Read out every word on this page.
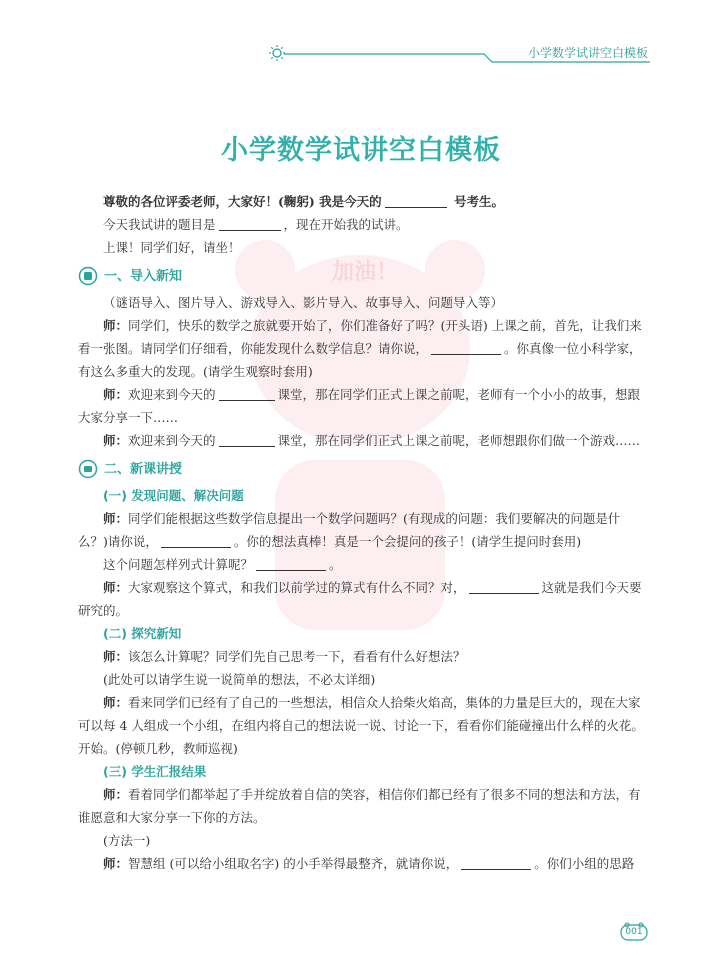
小学数学试讲空白模板
加油！
小学数学试讲空白模板

尊敬的各位评委老师，大家好！(鞠躬) 我是今天的	号考生。

今天我试讲的题目是	，现在开始我的试讲。

上课！同学们好，请坐！

一、导入新知

（谜语导入、图片导入、游戏导入、影片导入、故事导入、问题导入等）

师：同学们，快乐的数学之旅就要开始了，你们准备好了吗？(开头语) 上课之前，首先，让我们来看一张图。请同学们仔细看，你能发现什么数学信息？请你说，	。你真像一位小科学家，有这么多重大的发现。(请学生观察时套用)

师：欢迎来到今天的	课堂，那在同学们正式上课之前呢，老师有一个小小的故事，想跟大家分享一下……

师：欢迎来到今天的	课堂，那在同学们正式上课之前呢，老师想跟你们做一个游戏……

二、新课讲授
(一) 发现问题、解决问题

师：同学们能根据这些数学信息提出一个数学问题吗？(有现成的问题：我们要解决的问题是什么？)请你说，	。你的想法真棒！真是一个会提问的孩子！(请学生提问时套用)

这个问题怎样列式计算呢？	。

师：大家观察这个算式，和我们以前学过的算式有什么不同？对，	这就是我们今天要研究的。

(二) 探究新知

师：该怎么计算呢？同学们先自己思考一下，看看有什么好想法？

(此处可以请学生说一说简单的想法，不必太详细)

师：看来同学们已经有了自己的一些想法，相信众人拾柴火焰高，集体的力量是巨大的，现在大家可以每 4 人组成一个小组，在组内将自己的想法说一说、讨论一下，看看你们能碰撞出什么样的火花。开始。(停顿几秒，教师巡视)

(三) 学生汇报结果

师：看着同学们都举起了手并绽放着自信的笑容，相信你们都已经有了很多不同的想法和方法，有谁愿意和大家分享一下你的方法。

(方法一)

师：智慧组 (可以给小组取名字) 的小手举得最整齐，就请你说，	。你们小组的思路

001
